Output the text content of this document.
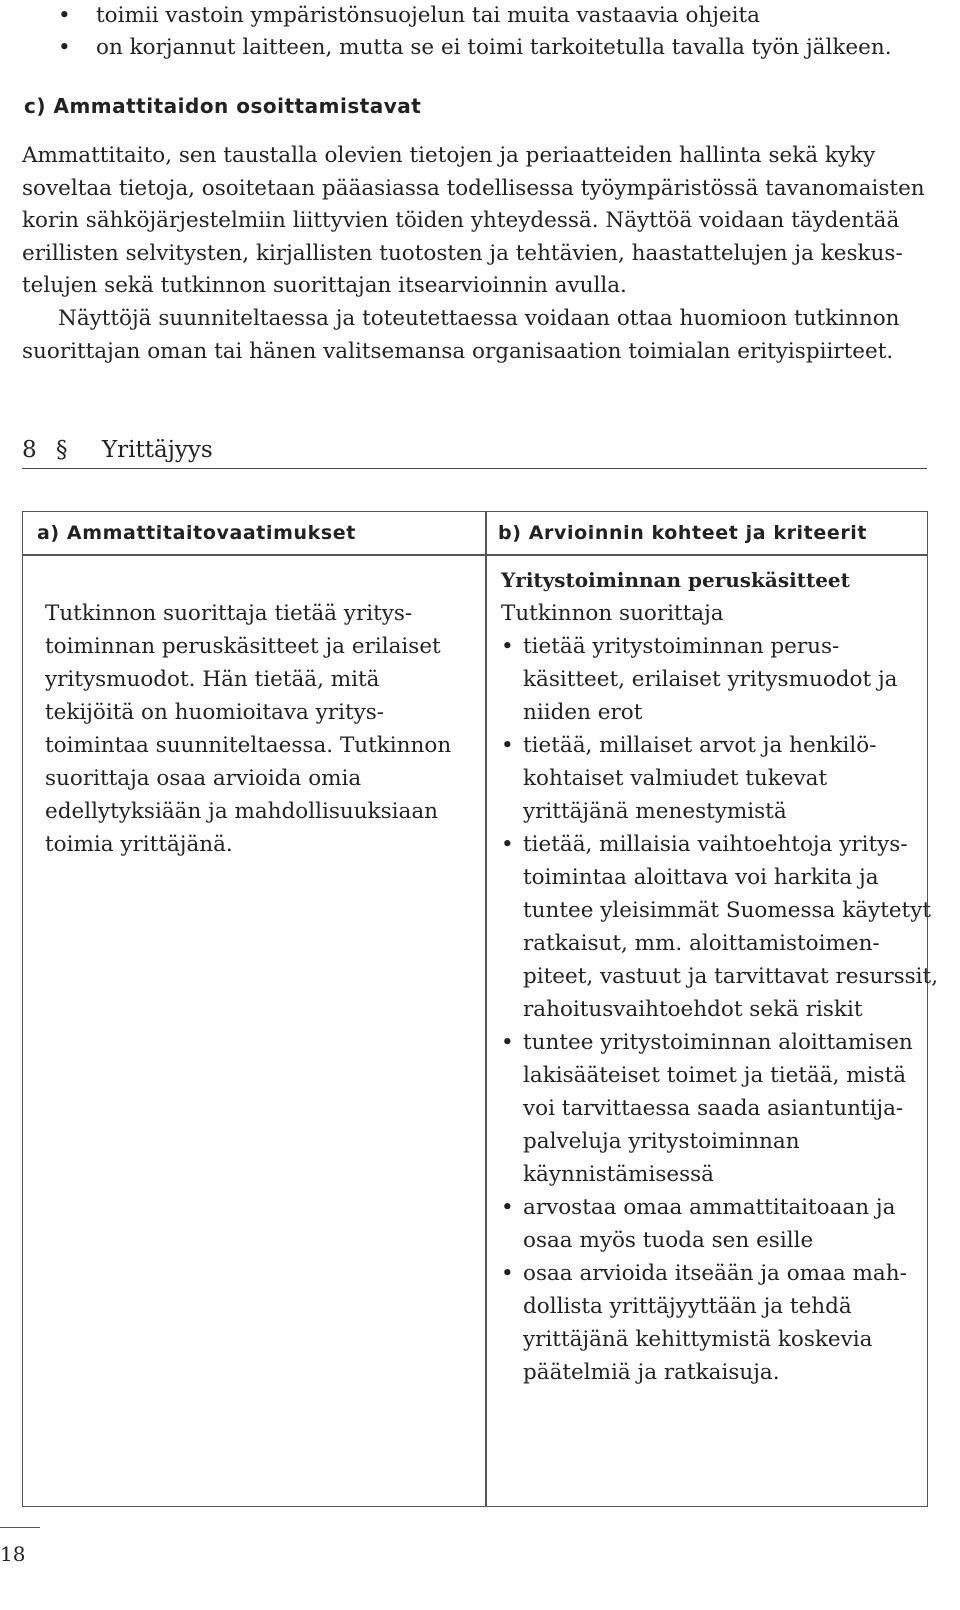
• toimii vastoin ympäristönsuojelun tai muita vastaavia ohjeita
• on korjannut laitteen, mutta se ei toimi tarkoitetulla tavalla työn jälkeen.
c) Ammattitaidon osoittamistavat

Ammattitaito, sen taustalla olevien tietojen ja periaatteiden hallinta sekä kyky
soveltaa tietoja, osoitetaan pääasiassa todellisessa työympäristössä tavanomaisten
korin sähköjärjestelmiin liittyvien töiden yhteydessä. Näyttöä voidaan täydentää
erillisten selvitysten, kirjallisten tuotosten ja tehtävien, haastattelujen ja keskus-
telujen sekä tutkinnon suorittajan itsearvioinnin avulla.

Näyttöjä suunniteltaessa ja toteutettaessa voidaan ottaa huomioon tutkinnon
suorittajan oman tai hänen valitsemansa organisaation toimialan erityispiirteet.

8 § Yrittäjyys
a) Ammattitaitovaatimukset	b) Arvioinnin kohteet ja kriteerit
Tutkinnon suorittaja tietää yritys-
toiminnan peruskäsitteet ja erilaiset
yritysmuodot. Hän tietää, mitä
tekijöitä on huomioitava yritys-
toimintaa suunniteltaessa. Tutkinnon
suorittaja osaa arvioida omia
edellytyksiään ja mahdollisuuksiaan
toimia yrittäjänä.
Yritystoiminnan peruskäsitteet
Tutkinnon suorittaja
• tietää yritystoiminnan perus-
käsitteet, erilaiset yritysmuodot ja
niiden erot
• tietää, millaiset arvot ja henkilö-
kohtaiset valmiudet tukevat
yrittäjänä menestymistä
• tietää, millaisia vaihtoehtoja yritys-
toimintaa aloittava voi harkita ja
tuntee yleisimmät Suomessa käytetyt
ratkaisut, mm. aloittamistoimen-
piteet, vastuut ja tarvittavat resurssit,
rahoitusvaihtoehdot sekä riskit
• tuntee yritystoiminnan aloittamisen
lakisääteiset toimet ja tietää, mistä
voi tarvittaessa saada asiantuntija-
palveluja yritystoiminnan
käynnistämisessä
• arvostaa omaa ammattitaitoaan ja
osaa myös tuoda sen esille
• osaa arvioida itseään ja omaa mah-
dollista yrittäjyyttään ja tehdä
yrittäjänä kehittymistä koskevia
päätelmiä ja ratkaisuja.
18
